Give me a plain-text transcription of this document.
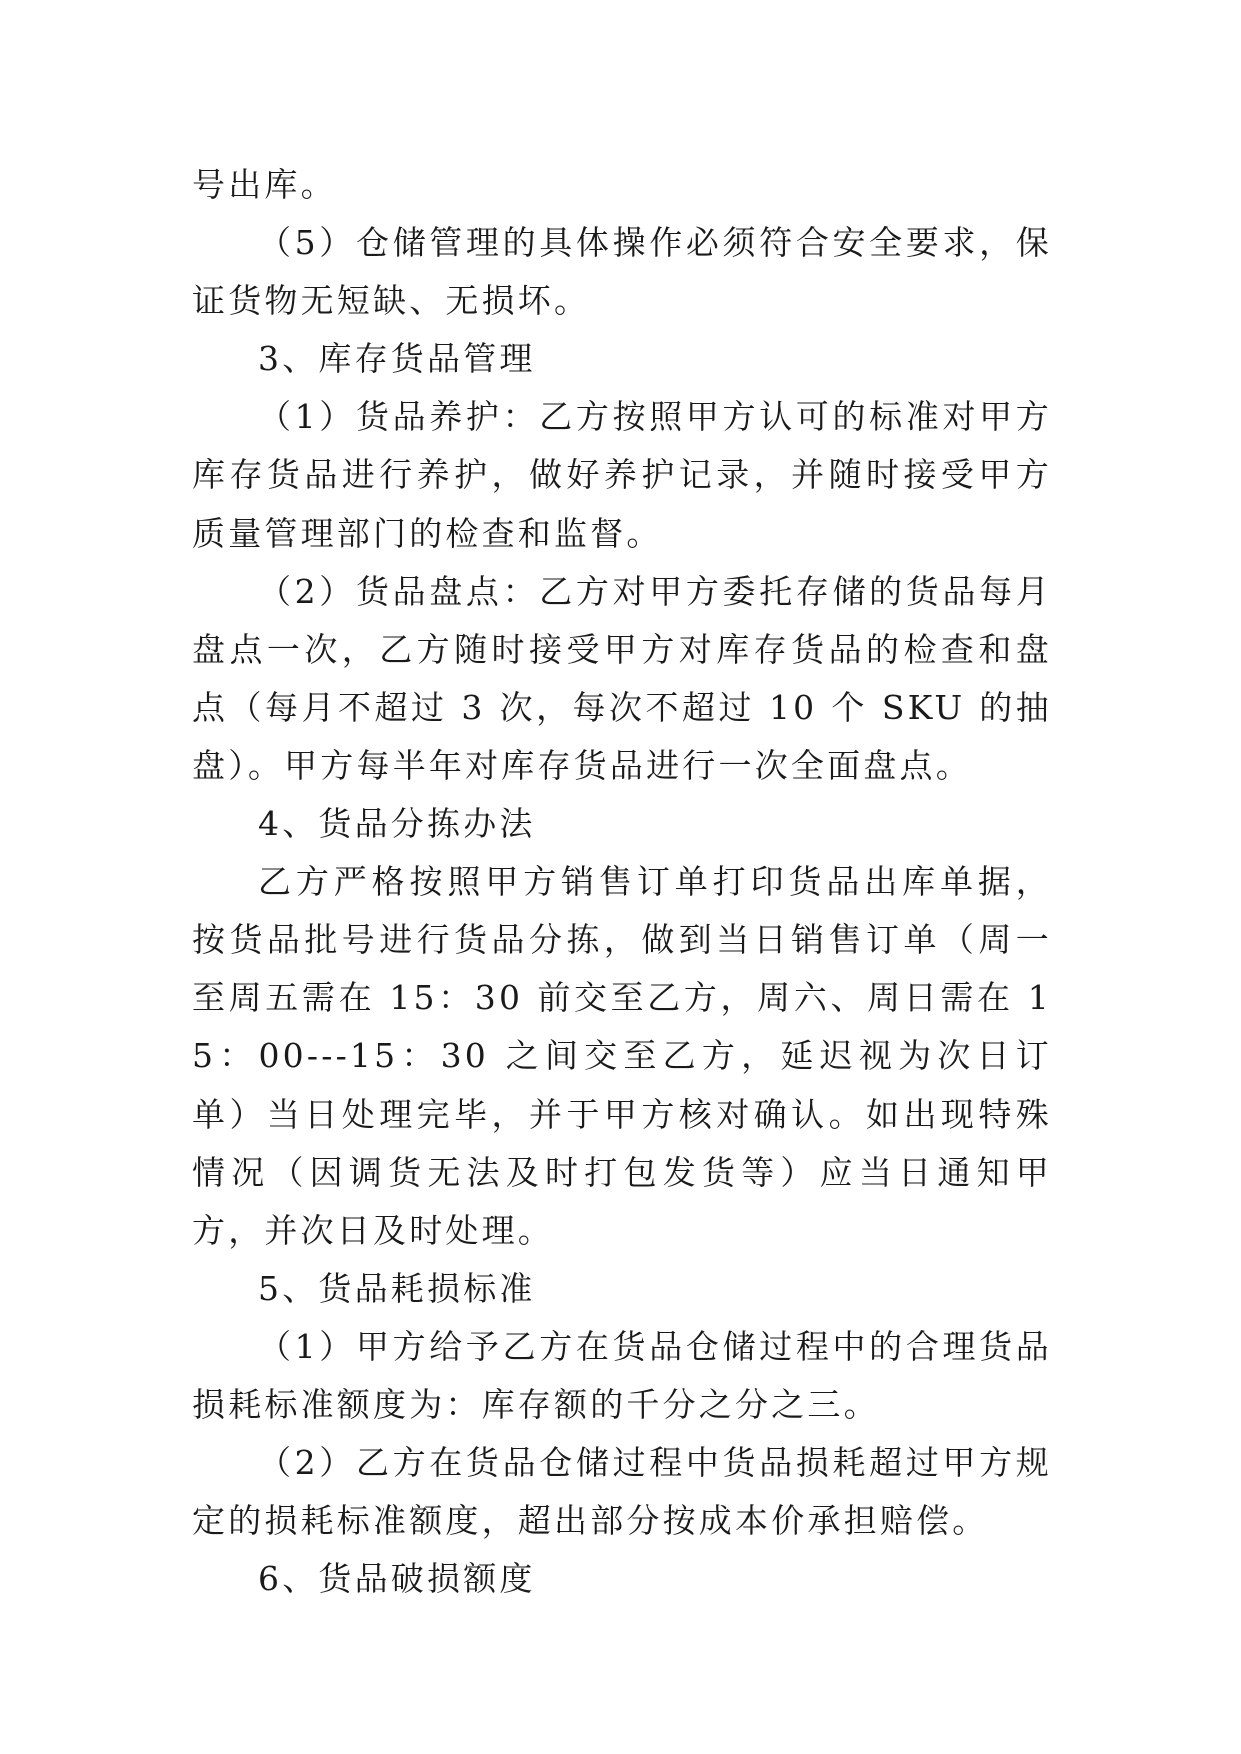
号出库。

（5）仓储管理的具体操作必须符合安全要求，保证货物无短缺、无损坏。

3、库存货品管理

（1）货品养护：乙方按照甲方认可的标准对甲方库存货品进行养护，做好养护记录，并随时接受甲方质量管理部门的检查和监督。

（2）货品盘点：乙方对甲方委托存储的货品每月盘点一次，乙方随时接受甲方对库存货品的检查和盘点（每月不超过 3 次，每次不超过 10 个 SKU 的抽盘）。甲方每半年对库存货品进行一次全面盘点。

4、货品分拣办法

乙方严格按照甲方销售订单打印货品出库单据，按货品批号进行货品分拣，做到当日销售订单（周一至周五需在 15：30 前交至乙方，周六、周日需在 15：00---15：30 之间交至乙方，延迟视为次日订单）当日处理完毕，并于甲方核对确认。如出现特殊情况（因调货无法及时打包发货等）应当日通知甲方，并次日及时处理。

5、货品耗损标准

（1）甲方给予乙方在货品仓储过程中的合理货品损耗标准额度为：库存额的千分之分之三。

（2）乙方在货品仓储过程中货品损耗超过甲方规定的损耗标准额度，超出部分按成本价承担赔偿。

6、货品破损额度
